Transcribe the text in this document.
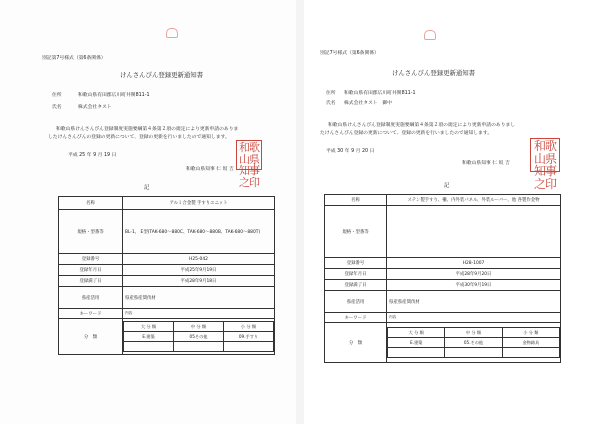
別記第7号様式（第6条関係）
けんさんぴん登録更新通知書
住所	和歌山県有田郡広川町井関811-1
氏名	株式会社タスト
和歌山県けんさんぴん登録制度実施要綱第４条第２項の規定により更新申請のありま
したけんさんぴんの登録の更新について、登録の更新を行いましたので通知します。
平成 25 年 9 月 19 日
和歌山県知事 仁 坂 吉
和歌山県知事之印
記
名称	アルミ合金製 手すりユニット
規格・型番等	BL-1、 E型(TAK-680～880C、TAK-680～880B、TAK-680～880T)
登録番号	H25-042
登録年月日	平成25年9月19日
登録満了日	平成28年9月18日
県産活用	県産県産間伐材
キーワード	内容
分　類	
大 分 類	中 分 類	小 分 類
E.建築	05その他	09.手すり

別記7号様式（第6条関係）
けんさんぴん登録更新通知書
住所 和歌山県有田郡広川町井関811-1
氏名 株式会社タスト　御中
和歌山県けんさんぴん登録制度実施要綱第４条第２項の規定により更新申請のありまし
たけんさんぴん登録の更新について、登録の更新を行いましたので通知します。
平成 30 年 9 月 20 日
和歌山県知事 仁 坂 吉
和歌山県知事之印
記
名称	ステン製手すり、柵、内外装パネル、外装ルーバー、他 各製作金物
規格・型番等	
登録番号	H28-1007
登録年月日	平成28年9月20日
登録満了日	平成30年9月19日
県産活用	県産県産間伐材
キーワード	内容
分　類	
大 分 類	中 分 類	小 分 類
E.建築	05.その他	金物鋳具
